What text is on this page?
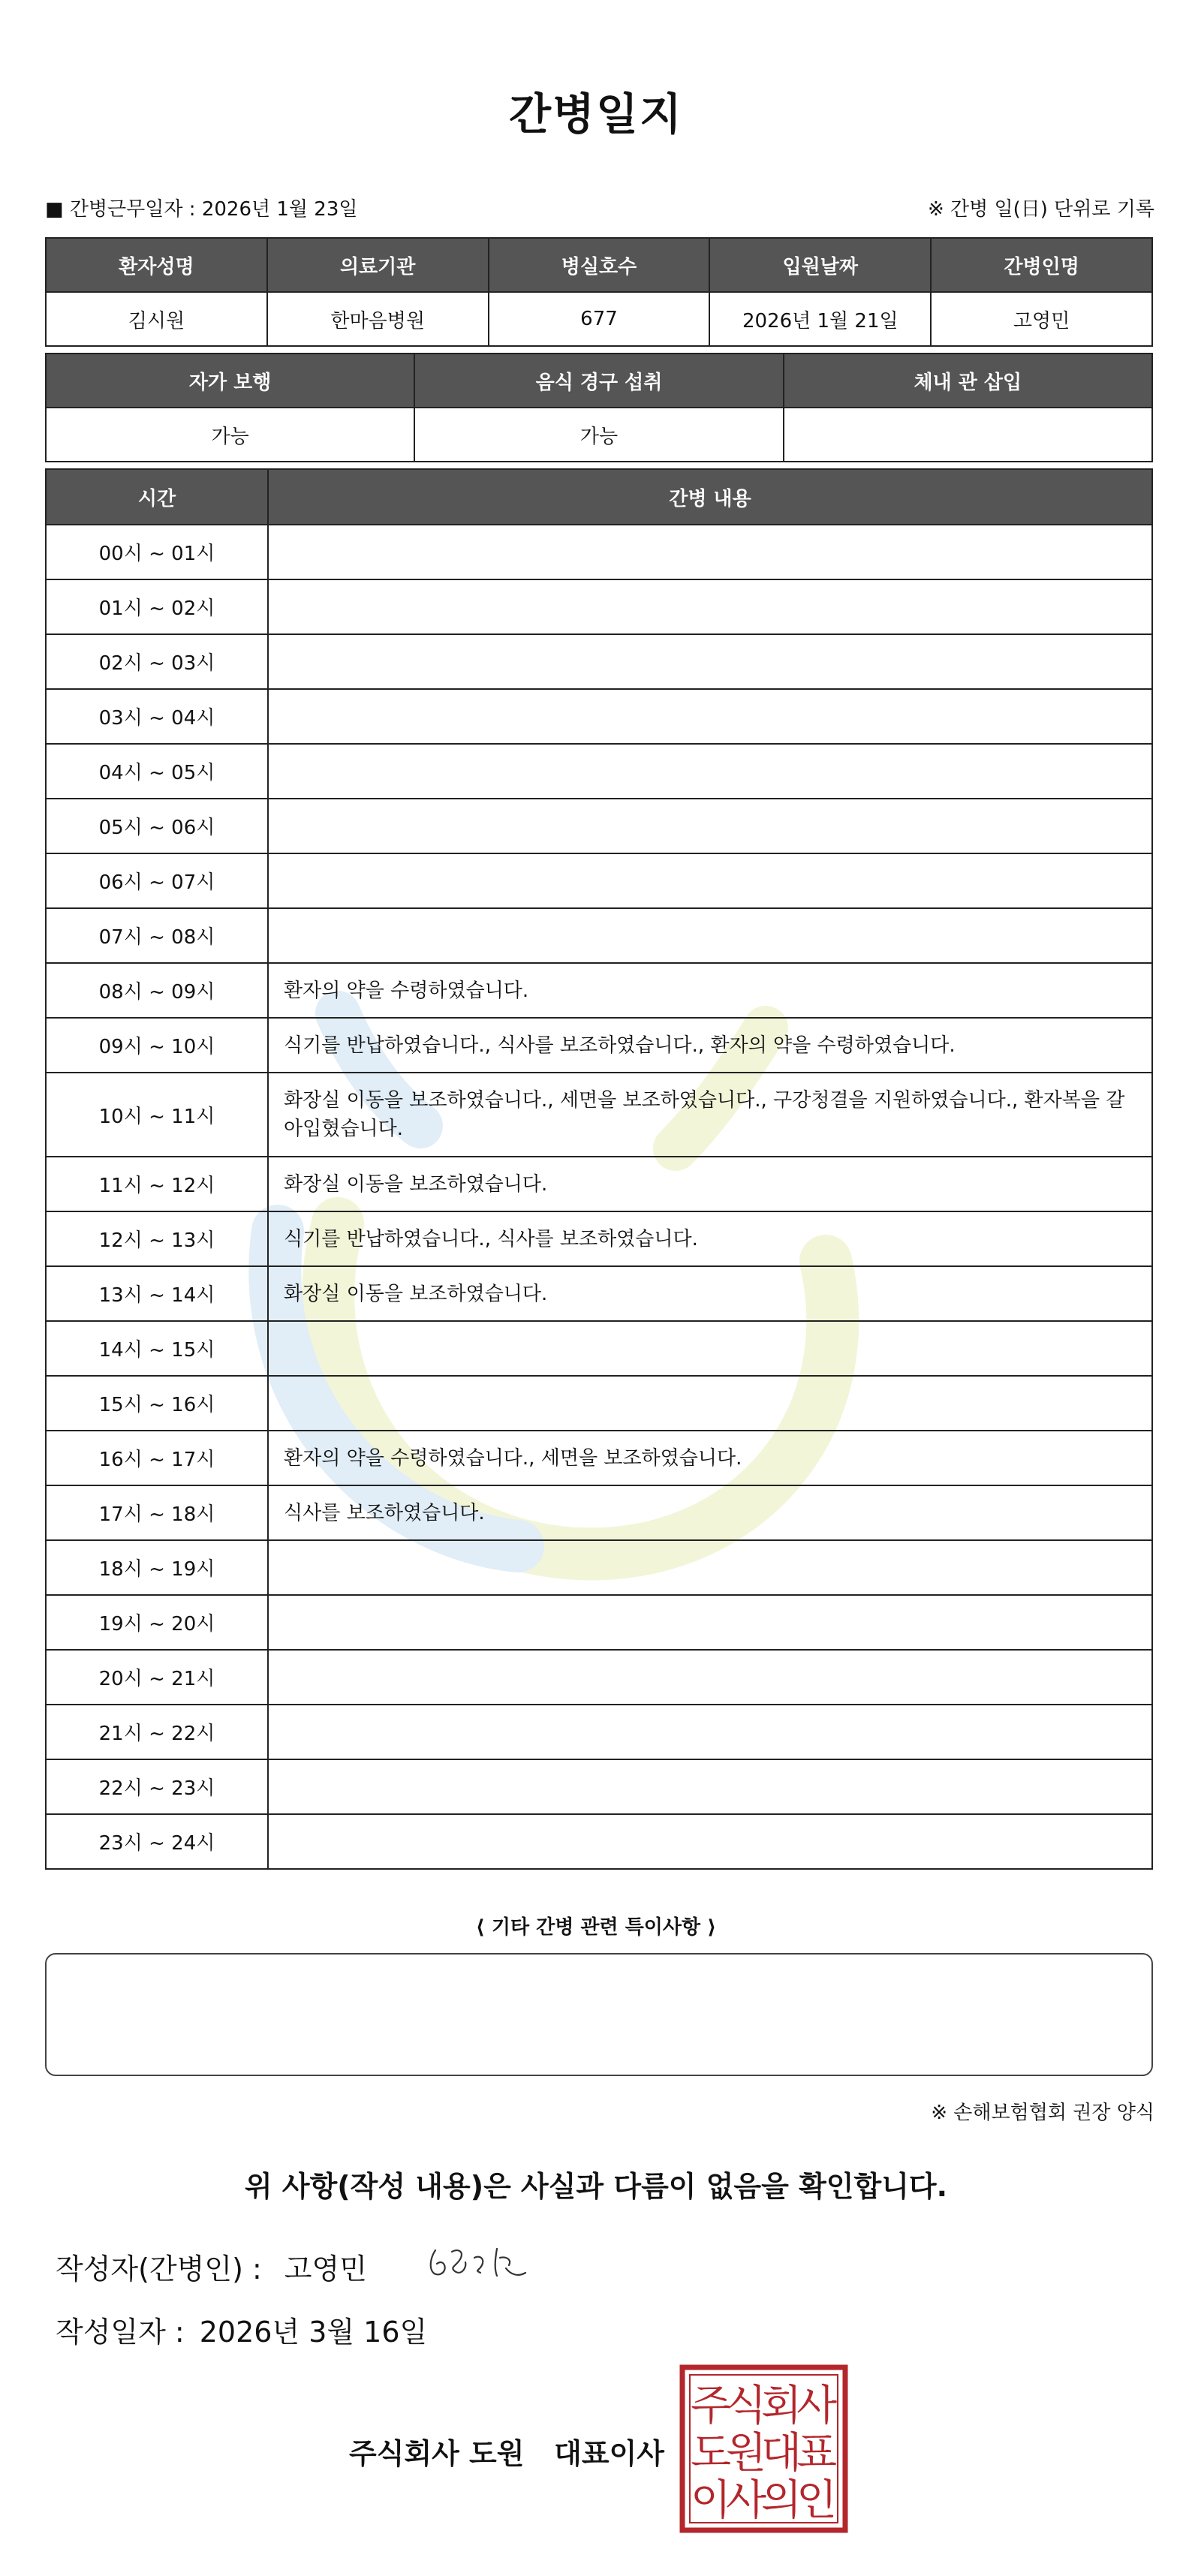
간병일지
■ 간병근무일자 : 2026년 1월 23일	※ 간병 일(日) 단위로 기록
환자성명	의료기관	병실호수	입원날짜	간병인명
김시원	한마음병원	677	2026년 1월 21일	고영민
자가 보행	음식 경구 섭취	체내 관 삽입
가능	가능	
시간	간병 내용
00시 ~ 01시	
01시 ~ 02시	
02시 ~ 03시	
03시 ~ 04시	
04시 ~ 05시	
05시 ~ 06시	
06시 ~ 07시	
07시 ~ 08시	
08시 ~ 09시	환자의 약을 수령하였습니다.
09시 ~ 10시	식기를 반납하였습니다., 식사를 보조하였습니다., 환자의 약을 수령하였습니다.
10시 ~ 11시	화장실 이동을 보조하였습니다., 세면을 보조하였습니다., 구강청결을 지원하였습니다., 환자복을 갈아입혔습니다.
11시 ~ 12시	화장실 이동을 보조하였습니다.
12시 ~ 13시	식기를 반납하였습니다., 식사를 보조하였습니다.
13시 ~ 14시	화장실 이동을 보조하였습니다.
14시 ~ 15시	
15시 ~ 16시	
16시 ~ 17시	환자의 약을 수령하였습니다., 세면을 보조하였습니다.
17시 ~ 18시	식사를 보조하였습니다.
18시 ~ 19시	
19시 ~ 20시	
20시 ~ 21시	
21시 ~ 22시	
22시 ~ 23시	
23시 ~ 24시	
⟨ 기타 간병 관련 특이사항 ⟩
※ 손해보험협회 권장 양식
위 사항(작성 내용)은 사실과 다름이 없음을 확인합니다.
작성자(간병인) : 고영민
작성일자 : 2026년 3월 16일
주식회사 도원   대표이사
주
식
회
사
도
원
대
표
이
사
의
인
